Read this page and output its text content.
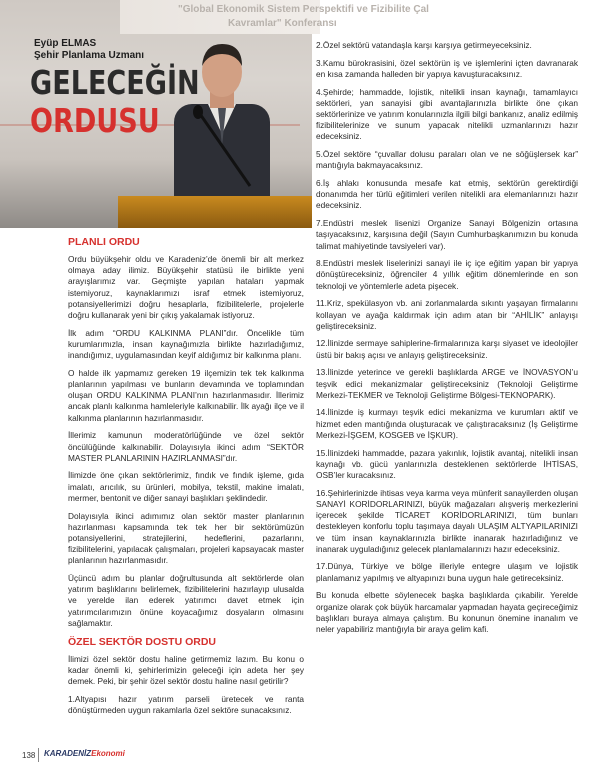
"Global Ekonomik Sistem Perspektifi ve Fizibilite Çal
Kavramlar" Konferansı
Eyüp ELMAS
Şehir Planlama Uzmanı
GELECEĞİN
ORDUSU
PLANLI ORDU

Ordu büyükşehir oldu ve Karadeniz’de önemli bir alt merkez olmaya aday ilimiz. Büyükşehir statüsü ile birlikte yeni arayışlarımız var. Geçmişte yapılan hataları yapmak istemiyoruz, kaynaklarımızı israf etmek istemiyoruz, potansiyellerimizi doğru hesaplarla, fizibilitelerle, projelerle doğru kullanarak yeni bir çıkış yakalamak istiyoruz.

İlk adım “ORDU KALKINMA PLANI”dır. Öncelikle tüm kurumlarımızla, insan kaynağımızla birlikte hazırladığımız, inandığımız, uygulamasından keyif aldığımız bir kalkınma planı.

O halde ilk yapmamız gereken 19 ilçemizin tek tek kalkınma planlarının yapılması ve bunların devamında ve toplamından oluşan ORDU KALKINMA PLANI’nın hazırlanmasıdır. İllerimiz ancak planlı kalkınma hamleleriyle kalkınabilir. İlk ayağı ilçe ve il kalkınma planlarının hazırlanmasıdır.

İllerimiz kamunun moderatörlüğünde ve özel sektör öncülüğünde kalkınabilir. Dolayısıyla ikinci adım “SEKTÖR MASTER PLANLARININ HAZIRLANMASI”dır.

İlimizde öne çıkan sektörlerimiz, fındık ve fındık işleme, gıda imalatı, arıcılık, su ürünleri, mobilya, tekstil, makine imalatı, mermer, bentonit ve diğer sanayi başlıkları şeklindedir.

Dolayısıyla ikinci adımımız olan sektör master planlarının hazırlanması kapsamında tek tek her bir sektörümüzün potansiyellerini, stratejilerini, hedeflerini, pazarlarını, fizibilitelerini, yapılacak çalışmaları, projeleri kapsayacak master planlarının hazırlanmasıdır.

Üçüncü adım bu planlar doğrultusunda alt sektörlerde olan yatırım başlıklarını belirlemek, fizibilitelerini hazırlayıp ulusalda ve yerelde ilan ederek yatırımcı davet etmek için yatırımcılarımızın önüne koyacağımız dosyaların olmasını sağlamaktır.

ÖZEL SEKTÖR DOSTU ORDU

İlimizi özel sektör dostu haline getirmemiz lazım. Bu konu o kadar önemli ki, şehirlerimizin geleceği için adeta her şey demek. Peki, bir şehir özel sektör dostu haline nasıl getirilir?

1.Altyapısı hazır yatırım parseli üretecek ve ranta dönüştürmeden uygun rakamlarla özel sektöre sunacaksınız.

2.Özel sektörü vatandaşla karşı karşıya getirmeyeceksiniz.

3.Kamu bürokrasisini, özel sektörün iş ve işlemlerini içten davranarak en kısa zamanda halleden bir yapıya kavuşturacaksınız.

4.Şehirde; hammadde, lojistik, nitelikli insan kaynağı, tamamlayıcı sektörleri, yan sanayisi gibi avantajlarınızla birlikte öne çıkan sektörlerinize ve yatırım konularınızla ilgili bilgi bankanız, analiz edilmiş fizibilitelerinize ve sunum yapacak nitelikli uzmanlarınızı hazır edeceksiniz.

5.Özel sektöre “çuvallar dolusu paraları olan ve ne söğüşlersek kar” mantığıyla bakmayacaksınız.

6.İş ahlakı konusunda mesafe kat etmiş, sektörün gerektirdiği donanımda her türlü eğitimleri verilen nitelikli ara elemanlarınızı hazır edeceksiniz.

7.Endüstri meslek lisenizi Organize Sanayi Bölgenizin ortasına taşıyacaksınız, karşısına değil (Sayın Cumhurbaşkanımızın bu konuda talimat mahiyetinde tavsiyeleri var).

8.Endüstri meslek liselerinizi sanayi ile iç içe eğitim yapan bir yapıya dönüştüreceksiniz, öğrenciler 4 yıllık eğitim dönemlerinde en son teknoloji ve yöntemlerle adeta pişecek.

11.Kriz, spekülasyon vb. ani zorlanmalarda sıkıntı yaşayan firmalarını kollayan ve ayağa kaldırmak için adım atan bir “AHİLİK” anlayışı geliştireceksiniz.

12.İlinizde sermaye sahiplerine-firmalarınıza karşı siyaset ve ideolojiler üstü bir bakış açısı ve anlayış geliştireceksiniz.

13.İlinizde yeterince ve gerekli başlıklarda ARGE ve İNOVASYON’u teşvik edici mekanizmalar geliştireceksiniz (Teknoloji Geliştirme Merkezi-TEKMER ve Teknoloji Geliştirme Bölgesi-TEKNOPARK).

14.İlinizde iş kurmayı teşvik edici mekanizma ve kurumları aktif ve hizmet eden mantığında oluşturacak ve çalıştıracaksınız (İş Geliştirme Merkezi-İŞGEM, KOSGEB ve İŞKUR).

15.İlinizdeki hammadde, pazara yakınlık, lojistik avantaj, nitelikli insan kaynağı vb. gücü yanlarınızla desteklenen sektörlerde İHTİSAS, OSB’ler kuracaksınız.

16.Şehirlerinizde ihtisas veya karma veya münferit sanayilerden oluşan SANAYİ KORİDORLARINIZI, büyük mağazaları alışveriş merkezlerini içerecek şekilde TİCARET KORİDORLARINIZI, tüm bunları destekleyen konforlu toplu taşımaya dayalı ULAŞIM ALTYAPILARINIZI ve tüm insan kaynaklarınızla birlikte inanarak hazırladığınız ve inanarak uyguladığınız gelecek planlamalarınızı hazır edeceksiniz.

17.Dünya, Türkiye ve bölge illeriyle entegre ulaşım ve lojistik planlamanız yapılmış ve altyapınızı buna uygun hale getireceksiniz.

Bu konuda elbette söylenecek başka başlıklarda çıkabilir. Yerelde organize olarak çok büyük harcamalar yapmadan hayata geçireceğimiz başlıkları buraya almaya çalıştım. Bu konunun önemine inanalım ve neler yapabiliriz mantığıyla bir araya gelim kafi.

138 KARADENİZEkonomi
